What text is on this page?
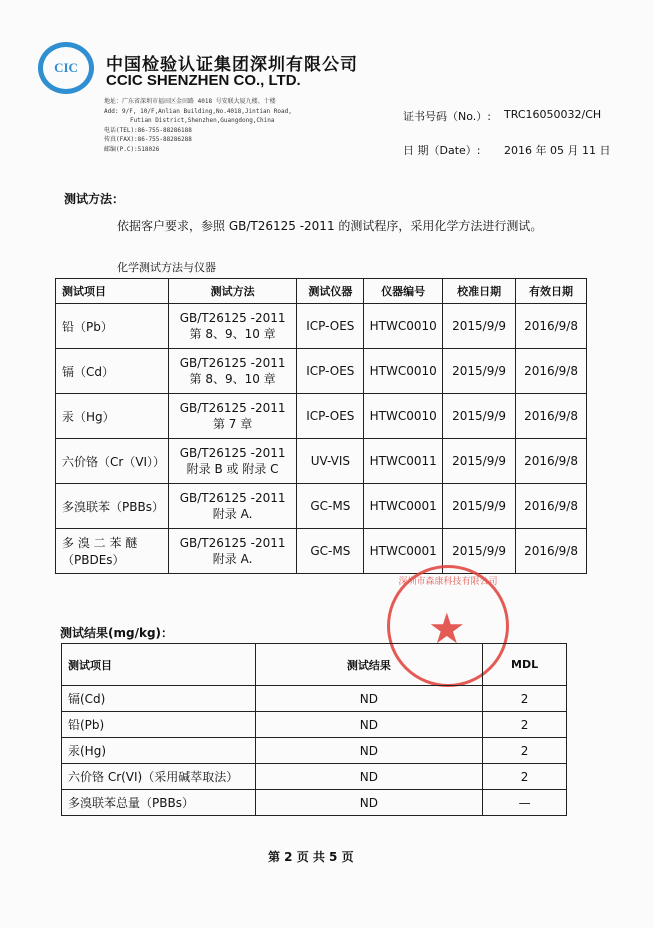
CIC 中国检验认证集团深圳有限公司
CCIC SHENZHEN CO., LTD.
地址：广东省深圳市福田区金田路 4018 号安联大厦九楼、十楼
Add: 9/F, 10/F,Anlian Building,No.4018,Jintian Road,
Futian District,Shenzhen,Guangdong,China
电话(TEL):86-755-88286188
传真(FAX):86-755-88286288
邮编(P.C):518026
证书号码（No.）: TRC16050032/CH
日 期（Date）: 2016 年 05 月 11 日
测试方法：
依据客户要求，参照 GB/T26125 -2011 的测试程序，采用化学方法进行测试。
化学测试方法与仪器
测试项目	测试方法	测试仪器	仪器编号	校准日期	有效日期
铅（Pb）	GB/T26125 -2011
第 8、9、10 章	ICP-OES	HTWC0010	2015/9/9	2016/9/8
镉（Cd）	GB/T26125 -2011
第 8、9、10 章	ICP-OES	HTWC0010	2015/9/9	2016/9/8
汞（Hg）	GB/T26125 -2011
第 7 章	ICP-OES	HTWC0010	2015/9/9	2016/9/8
六价铬（Cr（VI））	GB/T26125 -2011
附录 B 或 附录 C	UV-VIS	HTWC0011	2015/9/9	2016/9/8
多溴联苯（PBBs）	GB/T26125 -2011
附录 A.	GC-MS	HTWC0001	2015/9/9	2016/9/8
多 溴 二 苯 醚（PBDEs）	GB/T26125 -2011
附录 A.	GC-MS	HTWC0001	2015/9/9	2016/9/8
深圳市森康科技有限公司
★
测试结果(mg/kg)：
测试项目	测试结果	MDL
镉(Cd)	ND	2
铅(Pb)	ND	2
汞(Hg)	ND	2
六价铬 Cr(VI)（采用碱萃取法）	ND	2
多溴联苯总量（PBBs）	ND	—
第 2 页 共 5 页
